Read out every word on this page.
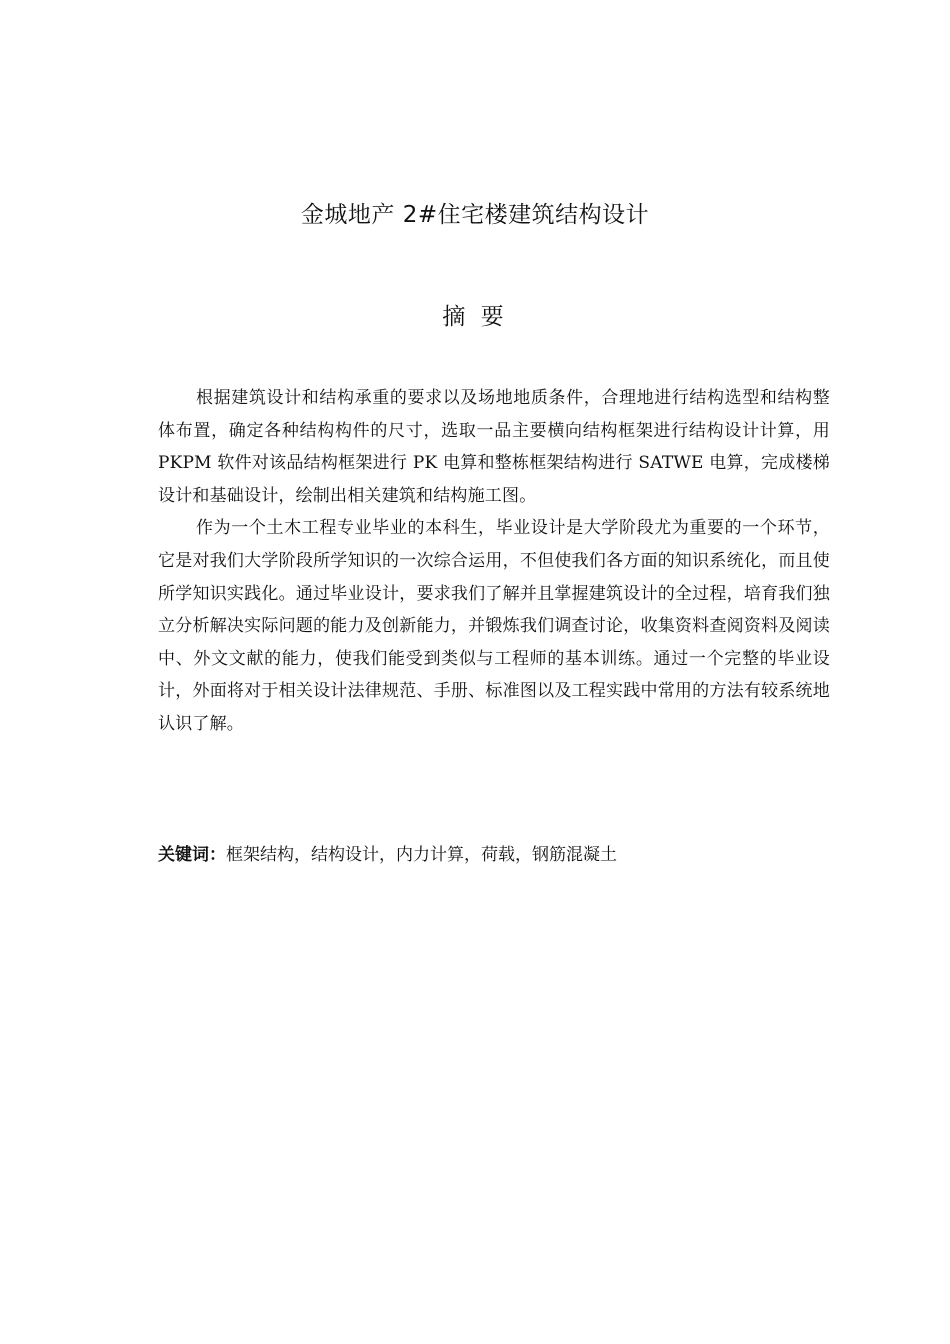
金城地产 2#住宅楼建筑结构设计
摘 要

根据建筑设计和结构承重的要求以及场地地质条件，合理地进行结构选型和结构整体布置，确定各种结构构件的尺寸，选取一品主要横向结构框架进行结构设计计算，用 PKPM 软件对该品结构框架进行 PK 电算和整栋框架结构进行 SATWE 电算，完成楼梯设计和基础设计，绘制出相关建筑和结构施工图。

作为一个土木工程专业毕业的本科生，毕业设计是大学阶段尤为重要的一个环节，它是对我们大学阶段所学知识的一次综合运用，不但使我们各方面的知识系统化，而且使所学知识实践化。通过毕业设计，要求我们了解并且掌握建筑设计的全过程，培育我们独立分析解决实际问题的能力及创新能力，并锻炼我们调查讨论，收集资料查阅资料及阅读中、外文文献的能力，使我们能受到类似与工程师的基本训练。通过一个完整的毕业设计，外面将对于相关设计法律规范、手册、标准图以及工程实践中常用的方法有较系统地认识了解。

关键词：框架结构，结构设计，内力计算，荷载，钢筋混凝土
